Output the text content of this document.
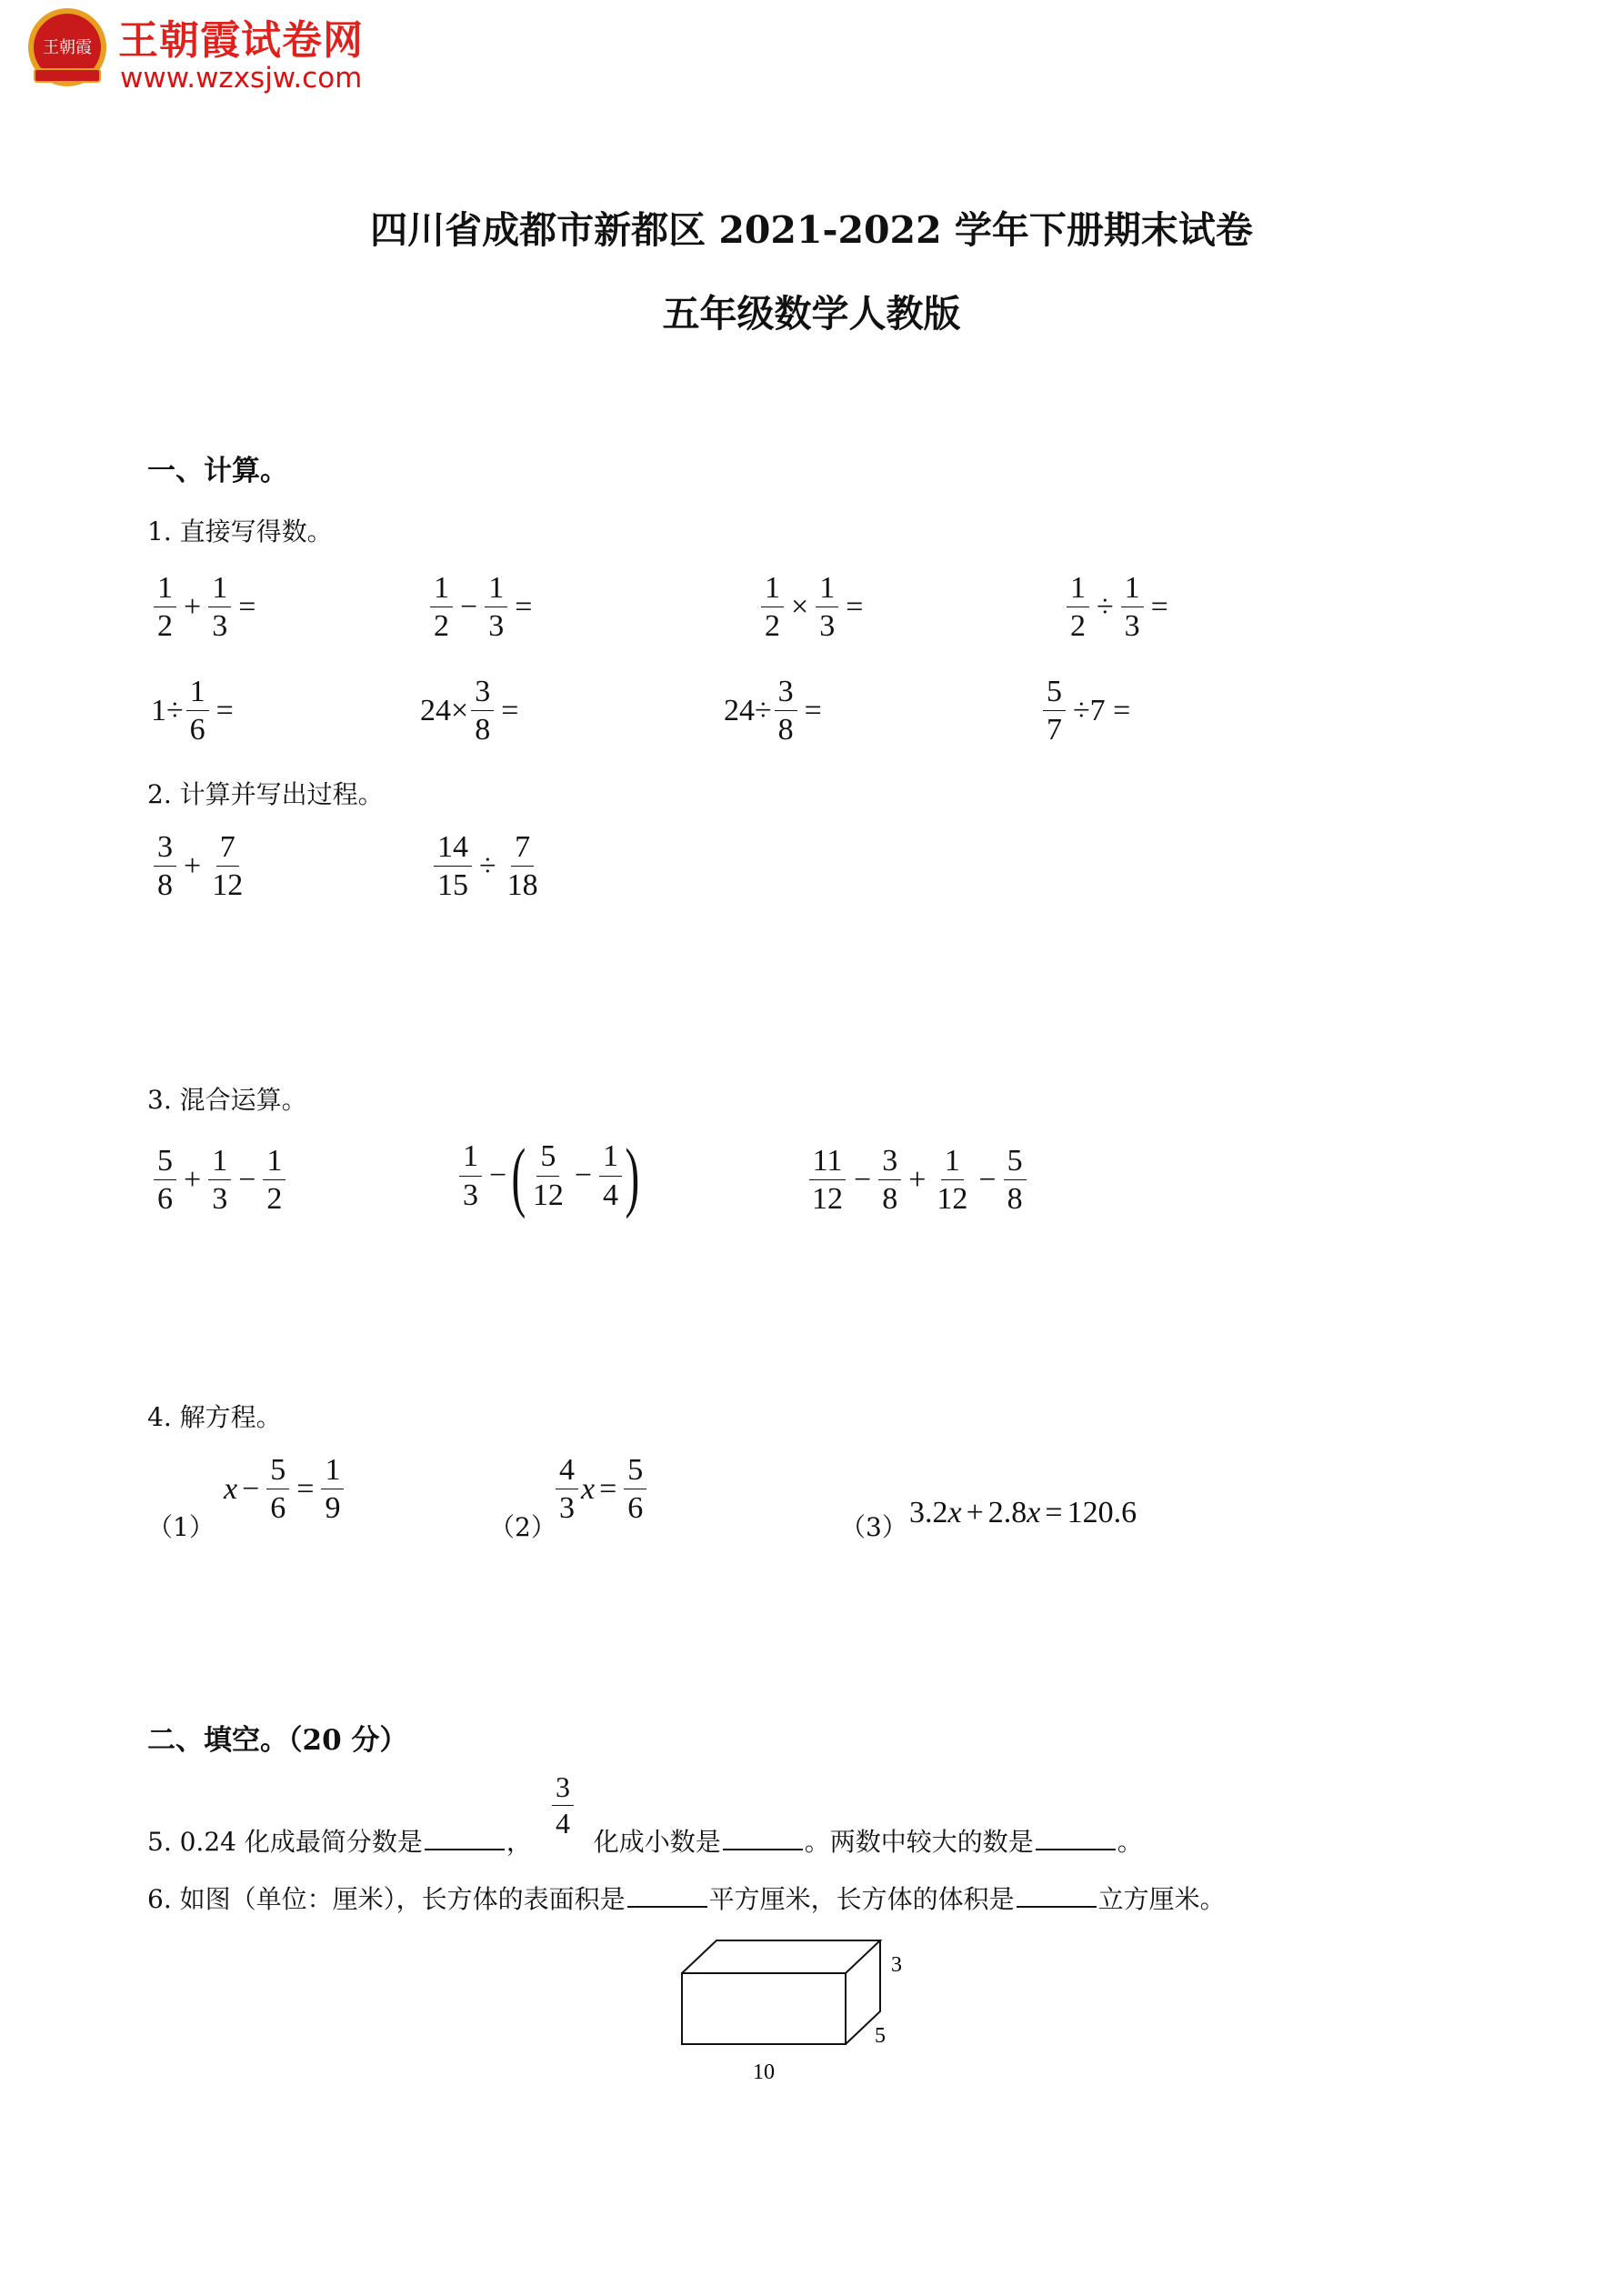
王朝霞 王朝霞试卷网
www.wzxsjw.com
四川省成都市新都区 2021-2022 学年下册期末试卷
五年级数学人教版
一、计算。
1. 直接写得数。
$\frac{1}{2} + \frac{1}{3}$ =	$\frac{1}{2} - \frac{1}{3}$ =	$\frac{1}{2} \times \frac{1}{3}$ =	$\frac{1}{2} \div \frac{1}{3}$ =
$1\div \frac{1}{6}$ =	$24\times \frac{3}{8}$ =	$24\div \frac{3}{8}$ =	$\frac{5}{7} \div 7$ =
2. 计算并写出过程。
$\frac{3}{8} + \frac{7}{12}$	$\frac{14}{15} \div \frac{7}{18}$
3. 混合运算。
$\frac{5}{6} + \frac{1}{3} - \frac{1}{2}$	$\frac{1}{3}$ − ( $\frac{5}{12} - \frac{1}{4}$ )	$\frac{11}{12} - \frac{3}{8} + \frac{1}{12} - \frac{5}{8}$
4. 解方程。
（1）
$x - \frac{5}{6} = \frac{1}{9}$
（2）
$\frac{4}{3}$ $x = \frac{5}{6}$
（3） 3.2 x + 2.8 x = 120.6
二、填空。（20 分）
5. 0.24 化成最简分数是	， 化成小数是	。两数中较大的数是	。
$\frac{3}{4}$
6. 如图（单位：厘米），长方体的表面积是	平方厘米，长方体的体积是	立方厘米。
3
5
10
